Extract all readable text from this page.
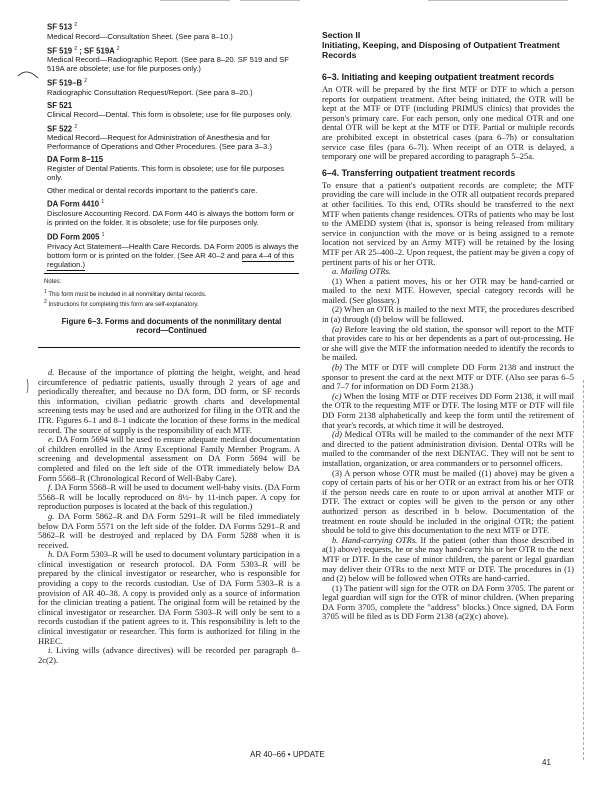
SF 513 $^2$
Medical Record—Consultation Sheet. (See para 8–10.)
SF 519 $^2$ ; SF 519A $^2$
Medical Record—Radiographic Report. (See para 8–20. SF 519 and SF 519A are obsolete; use for file purposes only.)
SF 519–B $^2$
Radiographic Consultation Request/Report. (See para 8–20.)
SF 521
Clinical Record—Dental. This form is obsolete; use for file purposes only.
SF 522 $^2$
Medical Record—Request for Administration of Anesthesia and for Performance of Operations and Other Procedures. (See para 3–3.)
DA Form 8–115
Register of Dental Patients. This form is obsolete; use for file purposes only.
Other medical or dental records important to the patient's care.
DA Form 4410 $^1$
Disclosure Accounting Record. DA Form 440 is always the bottom form or is printed on the folder. It is obsolete; use for file purposes only.
DD Form 2005 $^1$
Privacy Act Statement—Health Care Records. DA Form 2005 is always the bottom form or is printed on the folder. (See AR 40–2 and para 4–4 of this regulation.)
Notes:
$^1$ This form must be included in all nonmilitary dental records.
$^2$ Instructions for completing this form are self-explanatory.
Figure 6–3. Forms and documents of the nonmilitary dental
record—Continued

d. Because of the importance of plotting the height, weight, and head circumference of pediatric patients, usually through 2 years of age and periodically thereafter, and because no DA form, DD form, or SF records this information, civilian pediatric growth charts and developmental screening tests may be used and are authorized for filing in the OTR and the ITR. Figures 6–1 and 8–1 indicate the location of these forms in the medical record. The source of supply is the responsibility of each MTF.

e. DA Form 5694 will be used to ensure adequate medical documentation of children enrolled in the Army Exceptional Family Member Program. A screening and developmental assessment on DA Form 5694 will be completed and filed on the left side of the OTR immediately below DA Form 5568–R (Chronological Record of Well-Baby Care).

f. DA Form 5568–R will be used to document well-baby visits. (DA Form 5568–R will be locally reproduced on 8½- by 11-inch paper. A copy for reproduction purposes is located at the back of this regulation.)

g. DA Form 5862–R and DA Form 5291–R will be filed immediately below DA Form 5571 on the left side of the folder. DA Forms 5291–R and 5862–R will be destroyed and replaced by DA Form 5288 when it is received.

h. DA Form 5303–R will be used to document voluntary participation in a clinical investigation or research protocol. DA Form 5303–R will be prepared by the clinical investigator or researcher, who is responsible for providing a copy to the records custodian. Use of DA Form 5303–R is a provision of AR 40–38. A copy is provided only as a source of information for the clinician treating a patient. The original form will be retained by the clinical investigator or researcher. DA Form 5303–R will only be sent to a records custodian if the patient agrees to it. This responsibility is left to the clinical investigator or researcher. This form is authorized for filing in the HREC.

i. Living wills (advance directives) will be recorded per paragraph 8–2c(2).

Section II
Initiating, Keeping, and Disposing of Outpatient Treatment Records
6–3. Initiating and keeping outpatient treatment records

An OTR will be prepared by the first MTF or DTF to which a person reports for outpatient treatment. After being initiated, the OTR will be kept at the MTF or DTF (including PRIMUS clinics) that provides the person's primary care. For each person, only one medical OTR and one dental OTR will be kept at the MTF or DTF. Partial or multiple records are prohibited except in obstetrical cases (para 6–7h) or consultation service case files (para 6–7l). When receipt of an OTR is delayed, a temporary one will be prepared according to paragraph 5–25a.

6–4. Transferring outpatient treatment records

To ensure that a patient's outpatient records are complete; the MTF providing the care will include in the OTR all outpatient records prepared at other facilities. To this end, OTRs should be transferred to the next MTF when patients change residences. OTRs of patients who may be lost to the AMEDD system (that is, sponsor is being released from military service in conjunction with the move or is being assigned to a remote location not serviced by an Army MTF) will be retained by the losing MTF per AR 25–400–2. Upon request, the patient may be given a copy of pertinent parts of his or her OTR.

a. Mailing OTRs.

(1) When a patient moves, his or her OTR may be hand-carried or mailed to the next MTF. However, special category records will be mailed. (See glossary.)

(2) When an OTR is mailed to the next MTF, the procedures described in (a) through (d) below will be followed.

(a) Before leaving the old station, the sponsor will report to the MTF that provides care to his or her dependents as a part of out-processing. He or she will give the MTF the information needed to identify the records to be mailed.

(b) The MTF or DTF will complete DD Form 2138 and instruct the sponsor to present the card at the next MTF or DTF. (Also see paras 6–5 and 7–7 for information on DD Form 2138.)

(c) When the losing MTF or DTF receives DD Form 2138, it will mail the OTR to the requesting MTF or DTF. The losing MTF or DTF will file DD Form 2138 alphabetically and keep the form until the retirement of that year's records, at which time it will be destroyed.

(d) Medical OTRs will be mailed to the commander of the next MTF and directed to the patient administration division. Dental OTRs will be mailed to the commander of the next DENTAC. They will not be sent to installation, organization, or area commanders or to personnel officers.

(3) A person whose OTR must be mailed ((1) above) may be given a copy of certain parts of his or her OTR or an extract from his or her OTR if the person needs care en route to or upon arrival at another MTF or DTF. The extract or copies will be given to the person or any other authorized person as described in b below. Documentation of the treatment en route should be included in the original OTR; the patient should be told to give this documentation to the next MTF or DTF.

b. Hand-carrying OTRs. If the patient (other than those described in a(1) above) requests, he or she may hand-carry his or her OTR to the next MTF or DTF. In the case of minor children, the parent or legal guardian may deliver their OTRs to the next MTF or DTF. The procedures in (1) and (2) below will be followed when OTRs are hand-carried.

(1) The patient will sign for the OTR on DA Form 3705. The parent or legal guardian will sign for the OTR of minor children. (When preparing DA Form 3705, complete the "address" blocks.) Once signed, DA Form 3705 will be filed as is DD Form 2138 (a(2)(c) above).

AR 40–66 • UPDATE
41
